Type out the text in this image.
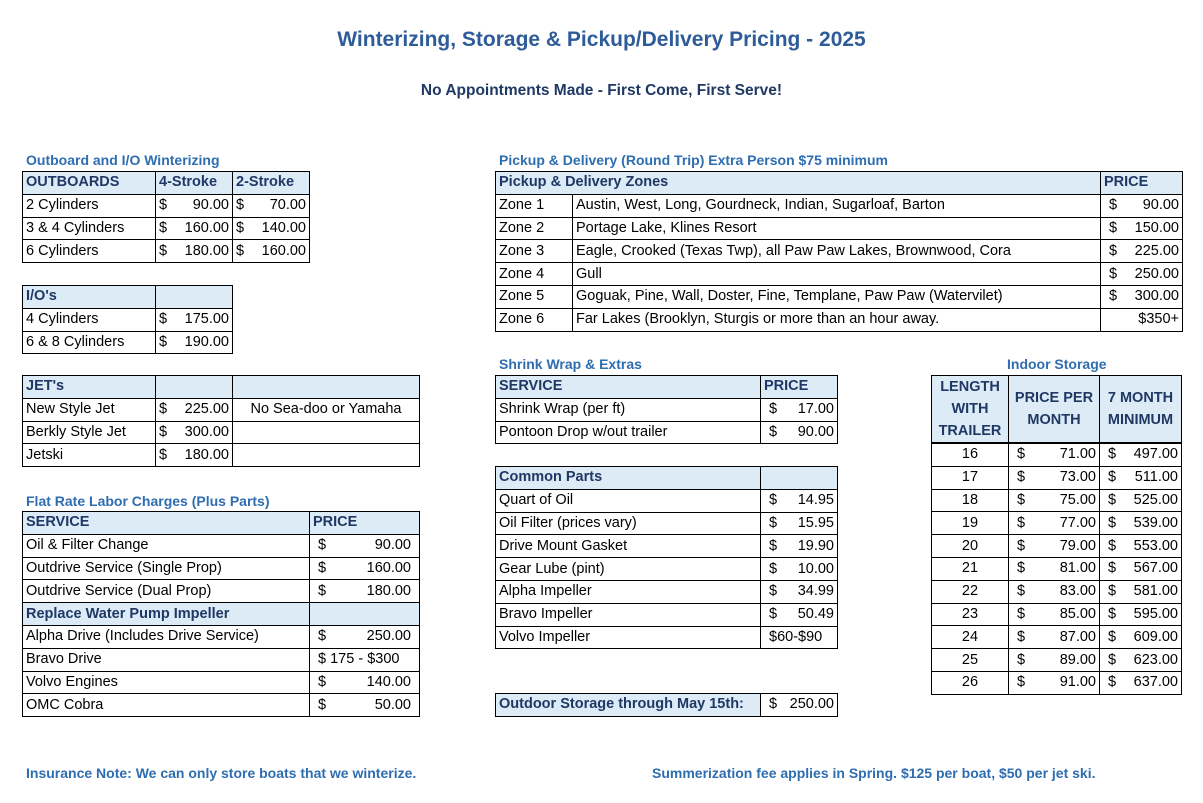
Winterizing, Storage & Pickup/Delivery Pricing - 2025
No Appointments Made - First Come, First Serve!
Outboard and I/O Winterizing
OUTBOARDS	4-Stroke	2-Stroke
2 Cylinders	$ 90.00	$ 70.00

3 & 4 Cylinders	$ 160.00	$ 140.00

6 Cylinders	$ 180.00	$ 160.00
I/O's	
4 Cylinders	$ 175.00

6 & 8 Cylinders	$ 190.00
JET's		
New Style Jet	$ 225.00	No Sea-doo or Yamaha
Berkly Style Jet	$ 300.00	

Jetski	$ 180.00	

Flat Rate Labor Charges (Plus Parts)
SERVICE	PRICE
Oil & Filter Change	$ 90.00

Outdrive Service (Single Prop)	$ 160.00

Outdrive Service (Dual Prop)	$ 180.00

Replace Water Pump Impeller	
Alpha Drive (Includes Drive Service)	$ 250.00

Bravo Drive	$ 175 - $300
Volvo Engines	$ 140.00

OMC Cobra	$ 50.00
Pickup & Delivery (Round Trip) Extra Person $75 minimum
Pickup & Delivery Zones		PRICE
Zone 1	Austin, West, Long, Gourdneck, Indian, Sugarloaf, Barton	$ 90.00

Zone 2	Portage Lake, Klines Resort	$ 150.00

Zone 3	Eagle, Crooked (Texas Twp), all Paw Paw Lakes, Brownwood, Cora	$ 225.00

Zone 4	Gull	$ 250.00

Zone 5	Goguak, Pine, Wall, Doster, Fine, Templane, Paw Paw (Watervilet)	$ 300.00

Zone 6	Far Lakes (Brooklyn, Sturgis or more than an hour away.	$350+
Shrink Wrap & Extras
SERVICE	PRICE
Shrink Wrap (per ft)	$ 17.00

Pontoon Drop w/out trailer	$ 90.00
Common Parts	
Quart of Oil	$ 14.95

Oil Filter (prices vary)	$ 15.95

Drive Mount Gasket	$ 19.90

Gear Lube (pint)	$ 10.00

Alpha Impeller	$ 34.99

Bravo Impeller	$ 50.49

Volvo Impeller	$60-$90
Outdoor Storage through May 15th:	$ 250.00
Indoor Storage
LENGTH WITH TRAILER	PRICE PER MONTH	7 MONTH MINIMUM
16	$ 71.00	$ 497.00

17	$ 73.00	$ 511.00

18	$ 75.00	$ 525.00

19	$ 77.00	$ 539.00

20	$ 79.00	$ 553.00

21	$ 81.00	$ 567.00

22	$ 83.00	$ 581.00

23	$ 85.00	$ 595.00

24	$ 87.00	$ 609.00

25	$ 89.00	$ 623.00

26	$ 91.00	$ 637.00
Insurance Note: We can only store boats that we winterize.	Summerization fee applies in Spring. $125 per boat, $50 per jet ski.
